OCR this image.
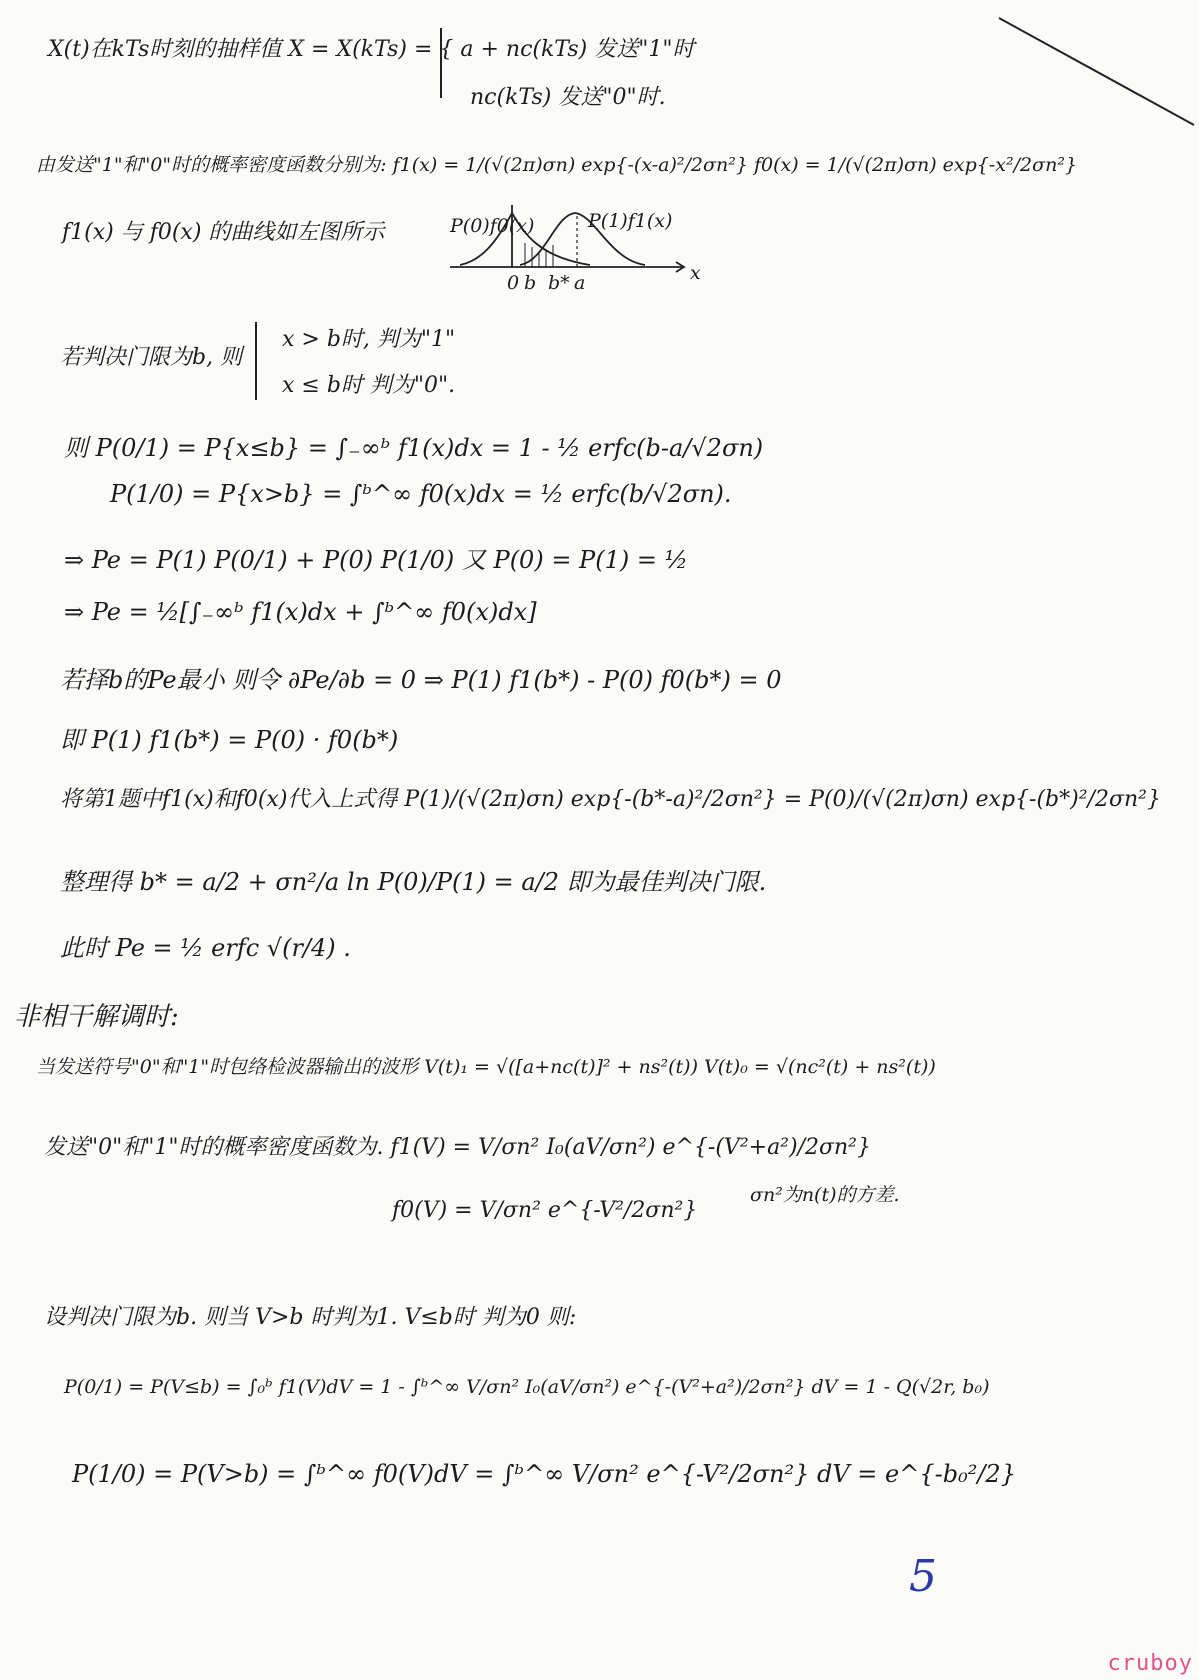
X(t)在kTs时刻的抽样值 X = X(kTs) = { a + nc(kTs) 发送"1"时
nc(kTs) 发送"0"时.
由发送"1"和"0"时的概率密度函数分别为: f1(x) = 1/(√(2π)σn) exp{-(x-a)²/2σn²} f0(x) = 1/(√(2π)σn) exp{-x²/2σn²}
f1(x) 与 f0(x) 的曲线如左图所示	P(0)f0(x)	P(1)f1(x)
0 b b* a	x
若判决门限为b, 则
x > b时, 判为"1"
x ≤ b时 判为"0".
则 P(0/1) = P{x≤b} = ∫₋∞ᵇ f1(x)dx = 1 - ½ erfc(b-a/√2σn)
P(1/0) = P{x>b} = ∫ᵇ^∞ f0(x)dx = ½ erfc(b/√2σn).
⇒ Pe = P(1) P(0/1) + P(0) P(1/0) 又 P(0) = P(1) = ½
⇒ Pe = ½[∫₋∞ᵇ f1(x)dx + ∫ᵇ^∞ f0(x)dx]
若择b的Pe最小 则令 ∂Pe/∂b = 0 ⇒ P(1) f1(b*) - P(0) f0(b*) = 0
即 P(1) f1(b*) = P(0) · f0(b*)
将第1题中f1(x)和f0(x)代入上式得 P(1)/(√(2π)σn) exp{-(b*-a)²/2σn²} = P(0)/(√(2π)σn) exp{-(b*)²/2σn²}
整理得 b* = a/2 + σn²/a ln P(0)/P(1) = a/2 即为最佳判决门限.
此时 Pe = ½ erfc √(r/4) .
非相干解调时:
当发送符号"0"和"1"时包络检波器输出的波形 V(t)₁ = √([a+nc(t)]² + ns²(t)) V(t)₀ = √(nc²(t) + ns²(t))
发送"0"和"1"时的概率密度函数为. f1(V) = V/σn² I₀(aV/σn²) e^{-(V²+a²)/2σn²}
f0(V) = V/σn² e^{-V²/2σn²}
σn²为n(t)的方差.
设判决门限为b. 则当 V>b 时判为1. V≤b时 判为0 则:
P(0/1) = P(V≤b) = ∫₀ᵇ f1(V)dV = 1 - ∫ᵇ^∞ V/σn² I₀(aV/σn²) e^{-(V²+a²)/2σn²} dV = 1 - Q(√2r, b₀)
P(1/0) = P(V>b) = ∫ᵇ^∞ f0(V)dV = ∫ᵇ^∞ V/σn² e^{-V²/2σn²} dV = e^{-b₀²/2}
5
cruboy
